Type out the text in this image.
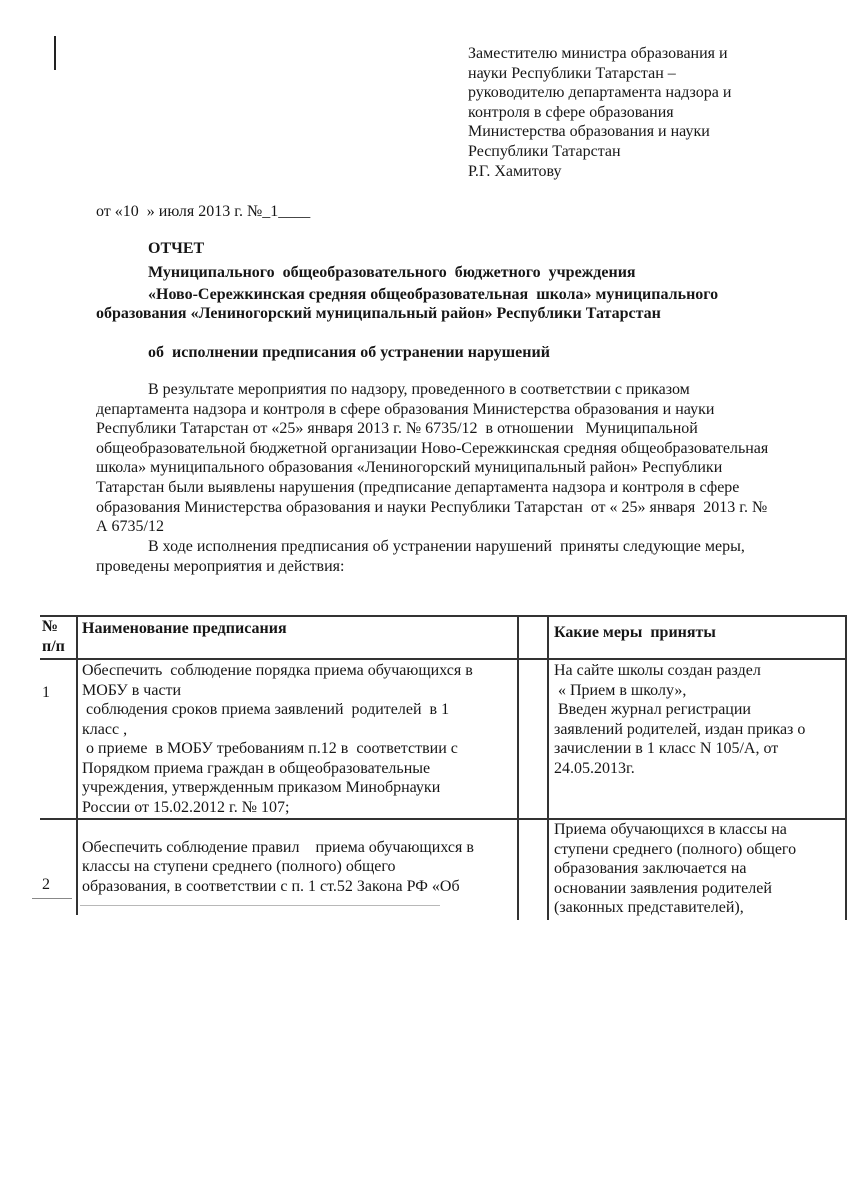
Заместителю министра образования и
науки Республики Татарстан –
руководителю департамента надзора и
контроля в сфере образования
Министерства образования и науки
Республики Татарстан
Р.Г. Хамитову
от «10  » июля 2013 г. №_1____
ОТЧЕТ
Муниципального  общеобразовательного  бюджетного  учреждения
«Ново-Сережкинская средняя общеобразовательная  школа» муниципального
образования «Лениногорский муниципальный район» Республики Татарстан
об  исполнении предписания об устранении нарушений
В результате мероприятия по надзору, проведенного в соответствии с приказом
департамента надзора и контроля в сфере образования Министерства образования и науки
Республики Татарстан от «25» января 2013 г. № 6735/12  в отношении   Муниципальной
общеобразовательной бюджетной организации Ново-Сережкинская средняя общеобразовательная
школа» муниципального образования «Лениногорский муниципальный район» Республики
Татарстан были выявлены нарушения (предписание департамента надзора и контроля в сфере
образования Министерства образования и науки Республики Татарстан  от « 25» января  2013 г. №
А 6735/12
В ходе исполнения предписания об устранении нарушений  приняты следующие меры,
проведены мероприятия и действия:
№
п/п
Наименование предписания	Какие меры  приняты
1
Обеспечить  соблюдение порядка приема обучающихся в
МОБУ в части
соблюдения сроков приема заявлений  родителей  в 1
класс ,
о приеме  в МОБУ требованиям п.12 в  соответствии с
Порядком приема граждан в общеобразовательные
учреждения, утвержденным приказом Минобрнауки
России от 15.02.2012 г. № 107;
На сайте школы создан раздел
« Прием в школу»,
Введен журнал регистрации
заявлений родителей, издан приказ о
зачислении в 1 класс N 105/А, от
24.05.2013г.
2

Обеспечить соблюдение правил    приема обучающихся в
классы на ступени среднего (полного) общего
образования, в соответствии с п. 1 ст.52 Закона РФ «Об
Приема обучающихся в классы на
ступени среднего (полного) общего
образования заключается на
основании заявления родителей
(законных представителей),
